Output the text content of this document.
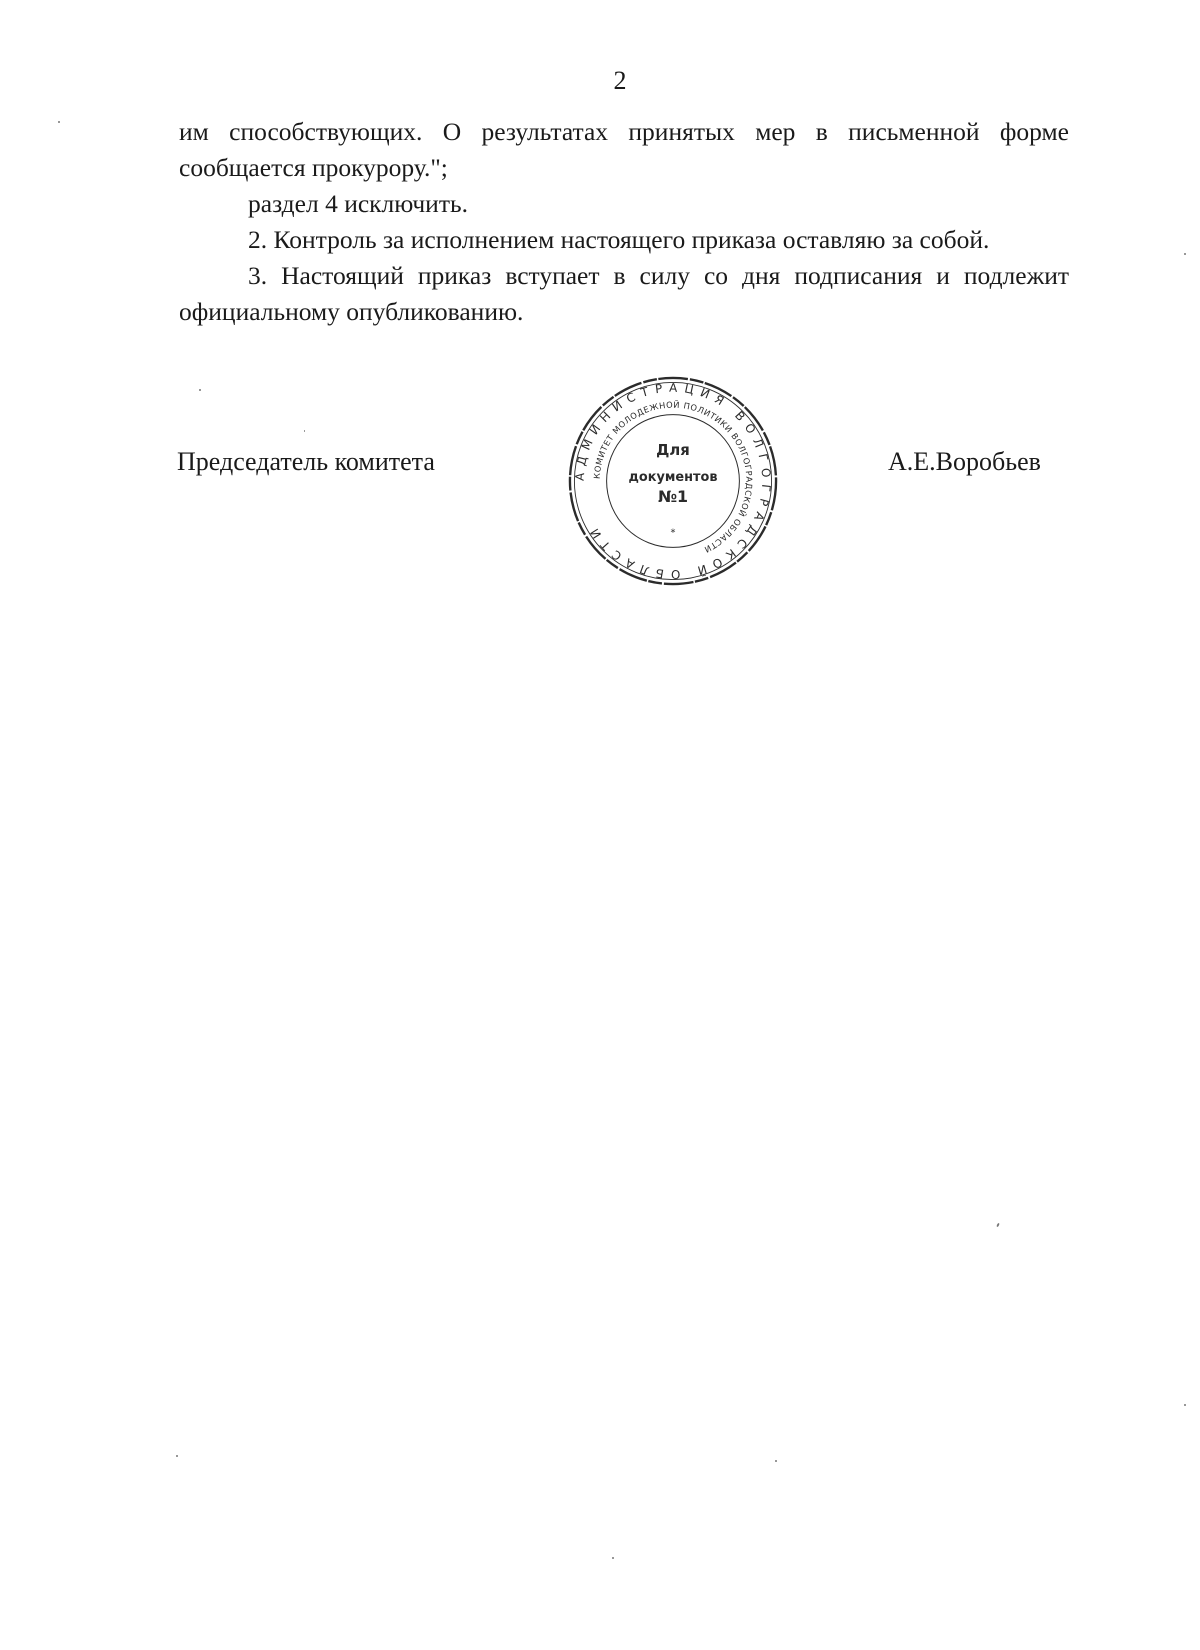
2

им способствующих. О результатах принятых мер в письменной форме сообщается прокурору.";

раздел 4 исключить.

2. Контроль за исполнением настоящего приказа оставляю за собой.

3. Настоящий приказ вступает в силу со дня подписания и подлежит официальному опубликованию.

Председатель комитета	АДМИНИСТРАЦИЯ ВОЛГОГРАДСКОЙ ОБЛАСТИ
КОМИТЕТ МОЛОДЕЖНОЙ ПОЛИТИКИ ВОЛГОГРАДСКОЙ ОБЛАСТИ
*
Для
документов
№1
А.Е.Воробьев
